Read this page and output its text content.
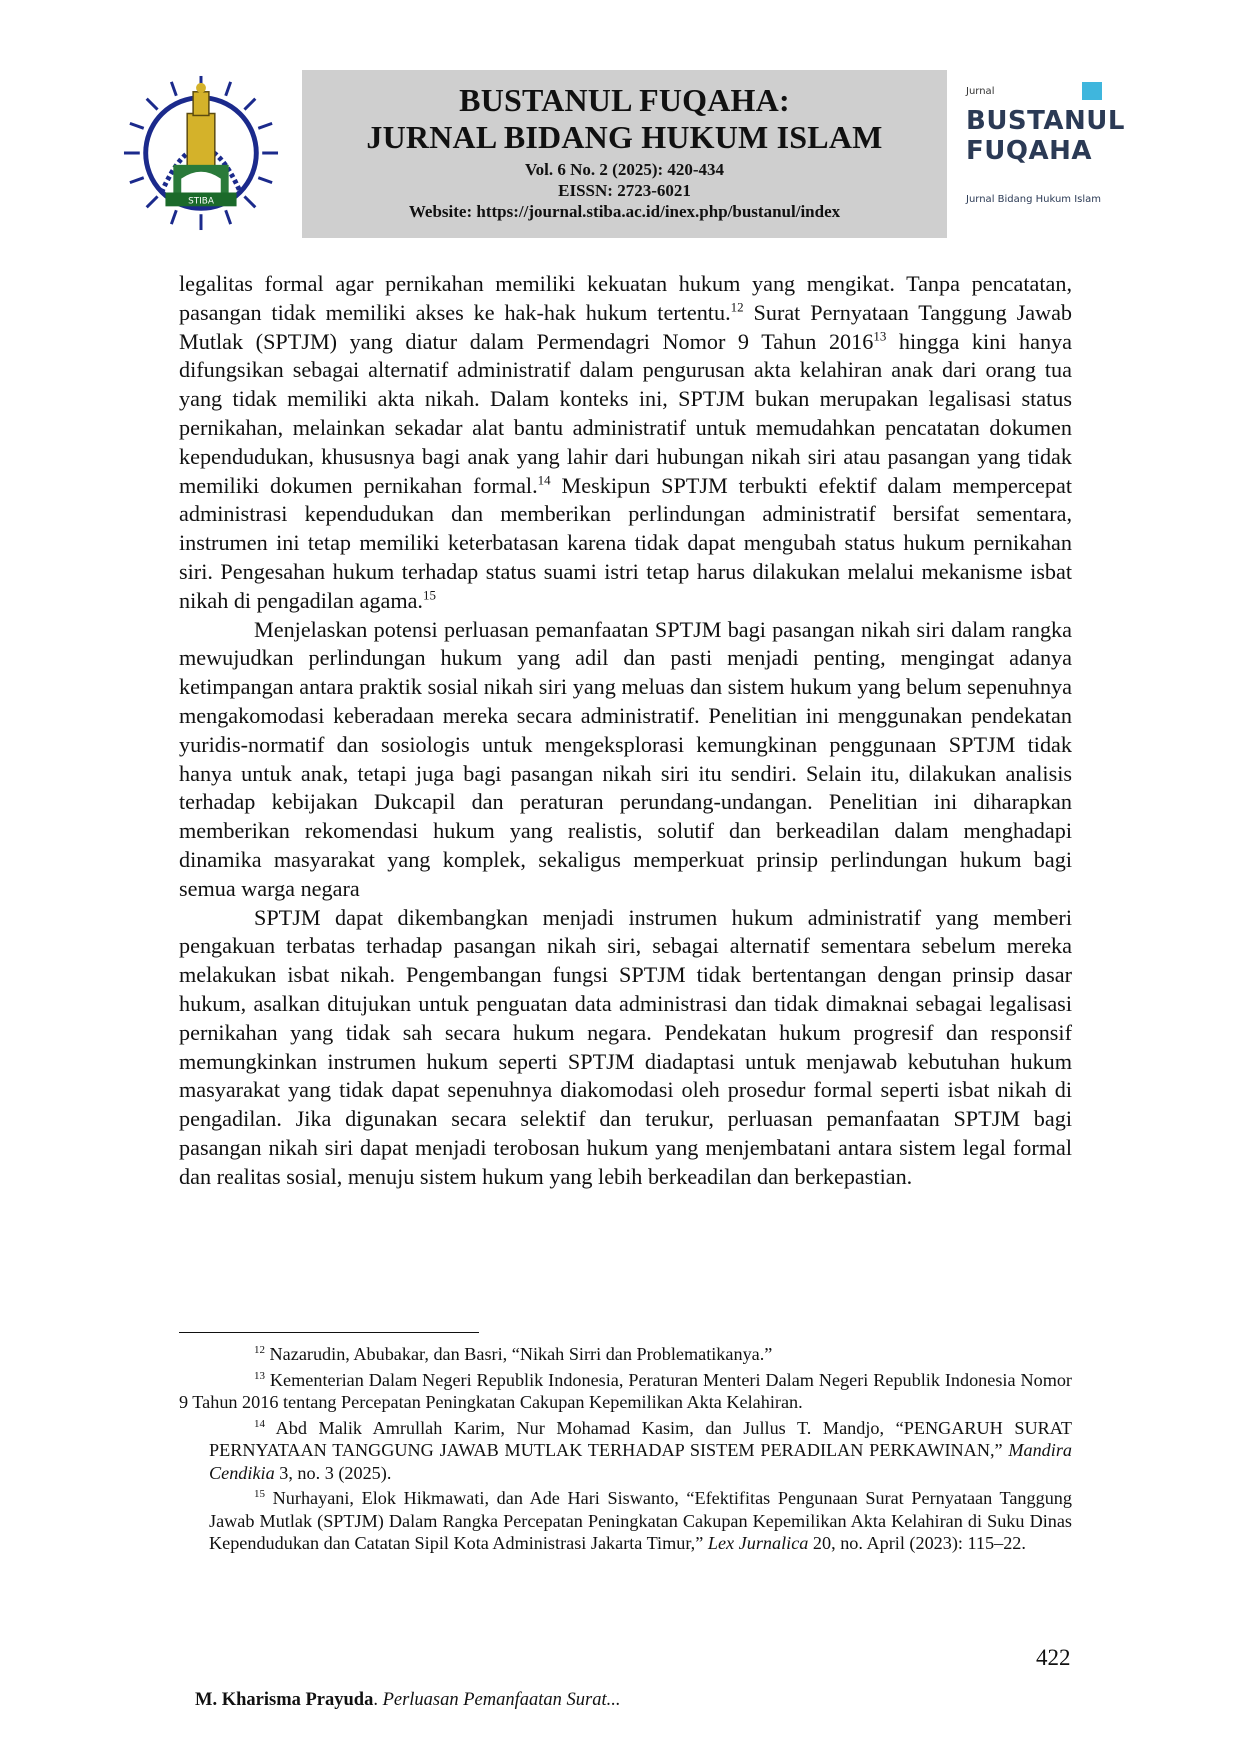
STIBA
BUSTANUL FUQAHA:
JURNAL BIDANG HUKUM ISLAM
Vol. 6 No. 2 (2025): 420-434
EISSN: 2723-6021
Website: https://journal.stiba.ac.id/inex.php/bustanul/index
Jurnal
BUSTANUL
FUQAHA
Jurnal Bidang Hukum Islam

legalitas formal agar pernikahan memiliki kekuatan hukum yang mengikat. Tanpa pencatatan, pasangan tidak memiliki akses ke hak-hak hukum tertentu.$^{12}$ Surat Pernyataan Tanggung Jawab Mutlak (SPTJM) yang diatur dalam Permendagri Nomor 9 Tahun 2016$^{13}$ hingga kini hanya difungsikan sebagai alternatif administratif dalam pengurusan akta kelahiran anak dari orang tua yang tidak memiliki akta nikah. Dalam konteks ini, SPTJM bukan merupakan legalisasi status pernikahan, melainkan sekadar alat bantu administratif untuk memudahkan pencatatan dokumen kependudukan, khususnya bagi anak yang lahir dari hubungan nikah siri atau pasangan yang tidak memiliki dokumen pernikahan formal.$^{14}$ Meskipun SPTJM terbukti efektif dalam mempercepat administrasi kependudukan dan memberikan perlindungan administratif bersifat sementara, instrumen ini tetap memiliki keterbatasan karena tidak dapat mengubah status hukum pernikahan siri. Pengesahan hukum terhadap status suami istri tetap harus dilakukan melalui mekanisme isbat nikah di pengadilan agama.$^{15}$

Menjelaskan potensi perluasan pemanfaatan SPTJM bagi pasangan nikah siri dalam rangka mewujudkan perlindungan hukum yang adil dan pasti menjadi penting, mengingat adanya ketimpangan antara praktik sosial nikah siri yang meluas dan sistem hukum yang belum sepenuhnya mengakomodasi keberadaan mereka secara administratif. Penelitian ini menggunakan pendekatan yuridis-normatif dan sosiologis untuk mengeksplorasi kemungkinan penggunaan SPTJM tidak hanya untuk anak, tetapi juga bagi pasangan nikah siri itu sendiri. Selain itu, dilakukan analisis terhadap kebijakan Dukcapil dan peraturan perundang-undangan. Penelitian ini diharapkan memberikan rekomendasi hukum yang realistis, solutif dan berkeadilan dalam menghadapi dinamika masyarakat yang komplek, sekaligus memperkuat prinsip perlindungan hukum bagi semua warga negara

SPTJM dapat dikembangkan menjadi instrumen hukum administratif yang memberi pengakuan terbatas terhadap pasangan nikah siri, sebagai alternatif sementara sebelum mereka melakukan isbat nikah. Pengembangan fungsi SPTJM tidak bertentangan dengan prinsip dasar hukum, asalkan ditujukan untuk penguatan data administrasi dan tidak dimaknai sebagai legalisasi pernikahan yang tidak sah secara hukum negara. Pendekatan hukum progresif dan responsif memungkinkan instrumen hukum seperti SPTJM diadaptasi untuk menjawab kebutuhan hukum masyarakat yang tidak dapat sepenuhnya diakomodasi oleh prosedur formal seperti isbat nikah di pengadilan. Jika digunakan secara selektif dan terukur, perluasan pemanfaatan SPTJM bagi pasangan nikah siri dapat menjadi terobosan hukum yang menjembatani antara sistem legal formal dan realitas sosial, menuju sistem hukum yang lebih berkeadilan dan berkepastian.

$^{12}$ Nazarudin, Abubakar, dan Basri, “Nikah Sirri dan Problematikanya.”

$^{13}$ Kementerian Dalam Negeri Republik Indonesia, Peraturan Menteri Dalam Negeri Republik Indonesia Nomor 9 Tahun 2016 tentang Percepatan Peningkatan Cakupan Kepemilikan Akta Kelahiran.

$^{14}$ Abd Malik Amrullah Karim, Nur Mohamad Kasim, dan Jullus T. Mandjo, “PENGARUH SURAT PERNYATAAN TANGGUNG JAWAB MUTLAK TERHADAP SISTEM PERADILAN PERKAWINAN,” Mandira Cendikia 3, no. 3 (2025).

$^{15}$ Nurhayani, Elok Hikmawati, dan Ade Hari Siswanto, “Efektifitas Pengunaan Surat Pernyataan Tanggung Jawab Mutlak (SPTJM) Dalam Rangka Percepatan Peningkatan Cakupan Kepemilikan Akta Kelahiran di Suku Dinas Kependudukan dan Catatan Sipil Kota Administrasi Jakarta Timur,” Lex Jurnalica 20, no. April (2023): 115–22.

422
M. Kharisma Prayuda. Perluasan Pemanfaatan Surat...
